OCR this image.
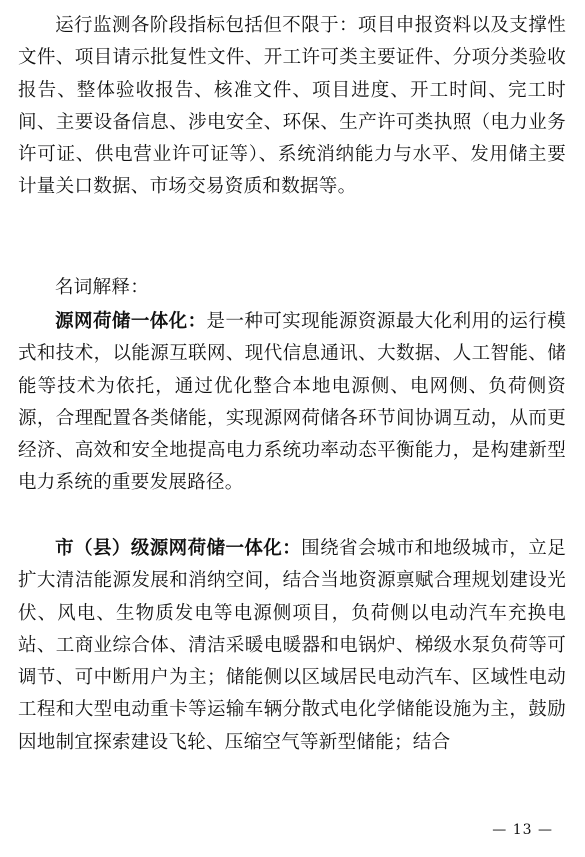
运行监测各阶段指标包括但不限于：项目申报资料以及支撑性文件、项目请示批复性文件、开工许可类主要证件、分项分类验收报告、整体验收报告、核准文件、项目进度、开工时间、完工时间、主要设备信息、涉电安全、环保、生产许可类执照（电力业务许可证、供电营业许可证等）、系统消纳能力与水平、发用储主要计量关口数据、市场交易资质和数据等。

名词解释：

源网荷储一体化：是一种可实现能源资源最大化利用的运行模式和技术，以能源互联网、现代信息通讯、大数据、人工智能、储能等技术为依托，通过优化整合本地电源侧、电网侧、负荷侧资源，合理配置各类储能，实现源网荷储各环节间协调互动，从而更经济、高效和安全地提高电力系统功率动态平衡能力，是构建新型电力系统的重要发展路径。

市（县）级源网荷储一体化：围绕省会城市和地级城市，立足扩大清洁能源发展和消纳空间，结合当地资源禀赋合理规划建设光伏、风电、生物质发电等电源侧项目，负荷侧以电动汽车充换电站、工商业综合体、清洁采暖电暖器和电锅炉、梯级水泵负荷等可调节、可中断用户为主；储能侧以区域居民电动汽车、区域性电动工程和大型电动重卡等运输车辆分散式电化学储能设施为主，鼓励因地制宜探索建设飞轮、压缩空气等新型储能；结合

— 13 —
